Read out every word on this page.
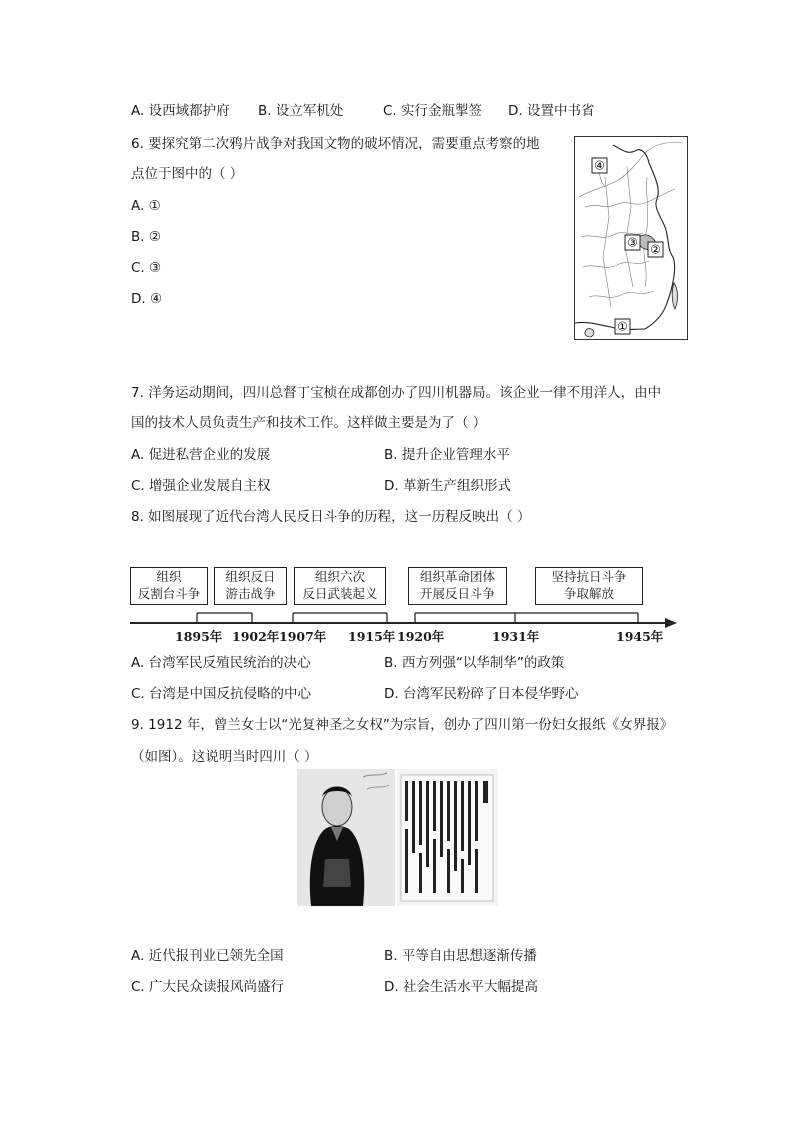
A. 设西域都护府 B. 设立军机处	C. 实行金瓶掣签 D. 设置中书省
6. 要探究第二次鸦片战争对我国文物的破坏情况，需要重点考察的地
点位于图中的（ ）
A. ①
B. ②
C. ③
D. ④
④
③ ②
①
7. 洋务运动期间，四川总督丁宝桢在成都创办了四川机器局。该企业一律不用洋人，由中
国的技术人员负责生产和技术工作。这样做主要是为了（ ）
A. 促进私营企业的发展	B. 提升企业管理水平
C. 增强企业发展自主权	D. 革新生产组织形式
8. 如图展现了近代台湾人民反日斗争的历程，这一历程反映出（ ）
组织
反割台斗争
组织反日
游击战争
组织六次
反日武装起义
组织革命团体
开展反日斗争
坚持抗日斗争
争取解放
1895年 1902年 1907年 1915年 1920年	1931年	1945年
A. 台湾军民反殖民统治的决心	B. 西方列强“以华制华”的政策
C. 台湾是中国反抗侵略的中心	D. 台湾军民粉碎了日本侵华野心
9. 1912 年，曾兰女士以“光复神圣之女权”为宗旨，创办了四川第一份妇女报纸《女界报》
（如图）。这说明当时四川（ ）
A. 近代报刊业已领先全国	B. 平等自由思想逐渐传播
C. 广大民众读报风尚盛行	D. 社会生活水平大幅提高
